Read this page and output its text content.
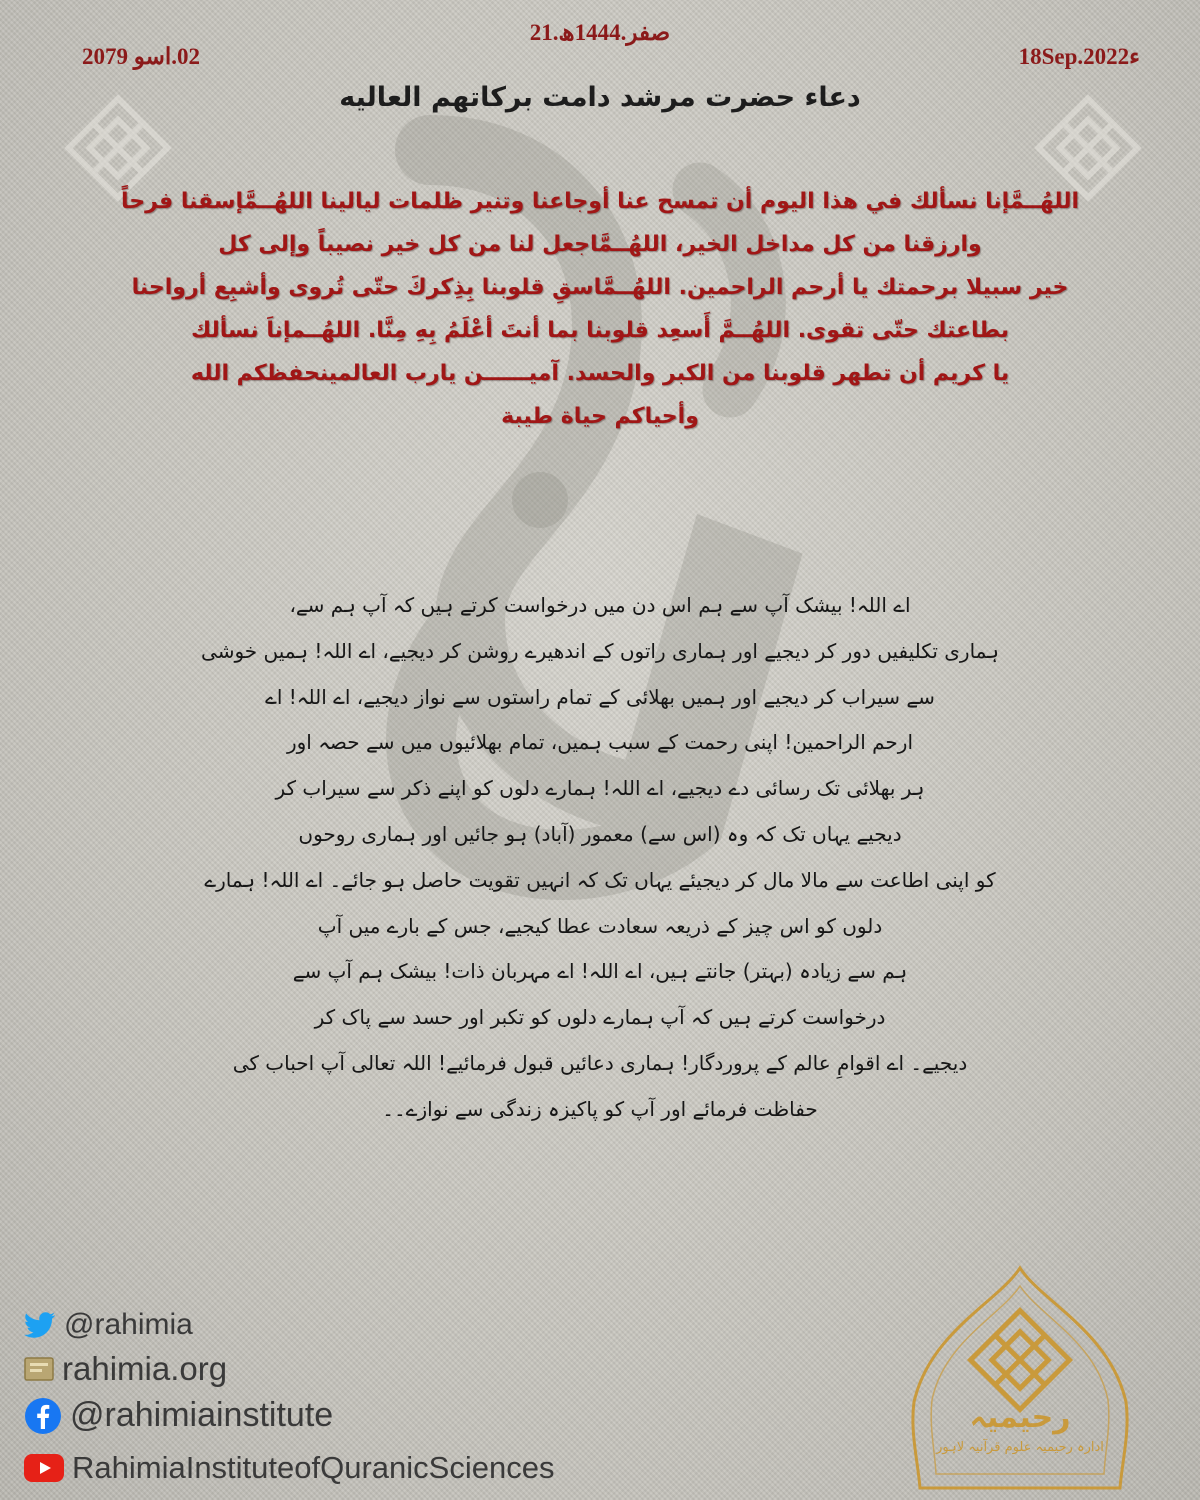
21.صفر.1444ھ
02.اسو 2079	18Sep.2022ء
دعاء حضرت مرشد دامت برکاتهم العالیه
اللهُــمَّإنا نسألك في هذا اليوم أن تمسح عنا أوجاعنا وتنير ظلمات ليالينا اللهُــمَّإسقنا فرحاً
وارزقنا من كل مداخل الخير، اللهُــمَّاجعل لنا من كل خير نصيباً وإلى كل
خير سبيلا برحمتك يا أرحم الراحمين. اللهُــمَّاسقِ قلوبنا بِذِكركَ حتّى تُروى وأشبِع أرواحنا
بطاعتك حتّى تقوى. اللهُــمَّ أَسعِد قلوبنا بما أنتَ أعْلَمُ بِهِ مِنَّا. اللهُــمإناَ نسألك
يا كريم أن تطهر قلوبنا من الكبر والحسد. آميــــــن يارب العالمينحفظكم الله
وأحياكم حياة طيبة
اے اللہ! بیشک آپ سے ہم اس دن میں درخواست کرتے ہیں کہ آپ ہم سے،
ہماری تکلیفیں دور کر دیجیے اور ہماری راتوں کے اندھیرے روشن کر دیجیے، اے اللہ! ہمیں خوشی
سے سیراب کر دیجیے اور ہمیں بھلائی کے تمام راستوں سے نواز دیجیے، اے اللہ! اے
ارحم الراحمین! اپنی رحمت کے سبب ہمیں، تمام بھلائیوں میں سے حصہ اور
ہر بھلائی تک رسائی دے دیجیے، اے اللہ! ہمارے دلوں کو اپنے ذکر سے سیراب کر
دیجیے یہاں تک کہ وہ (اس سے) معمور (آباد) ہو جائیں اور ہماری روحوں
کو اپنی اطاعت سے مالا مال کر دیجیئے یہاں تک کہ انہیں تقویت حاصل ہو جائے۔ اے اللہ! ہمارے
دلوں کو اس چیز کے ذریعہ سعادت عطا کیجیے، جس کے بارے میں آپ
ہم سے زیادہ (بہتر) جانتے ہیں، اے اللہ! اے مہربان ذات! بیشک ہم آپ سے
درخواست کرتے ہیں کہ آپ ہمارے دلوں کو تکبر اور حسد سے پاک کر
دیجیے۔ اے اقوامِ عالم کے پروردگار! ہماری دعائیں قبول فرمائیے! اللہ تعالی آپ احباب کی
حفاظت فرمائے اور آپ کو پاکیزہ زندگی سے نوازے۔۔
@rahimia
rahimia.org
@rahimiainstitute
RahimiaInstituteofQuranicSciences
رحیمیہ
ادارہ رحیمیہ علوم قرآنیہ لاہور
